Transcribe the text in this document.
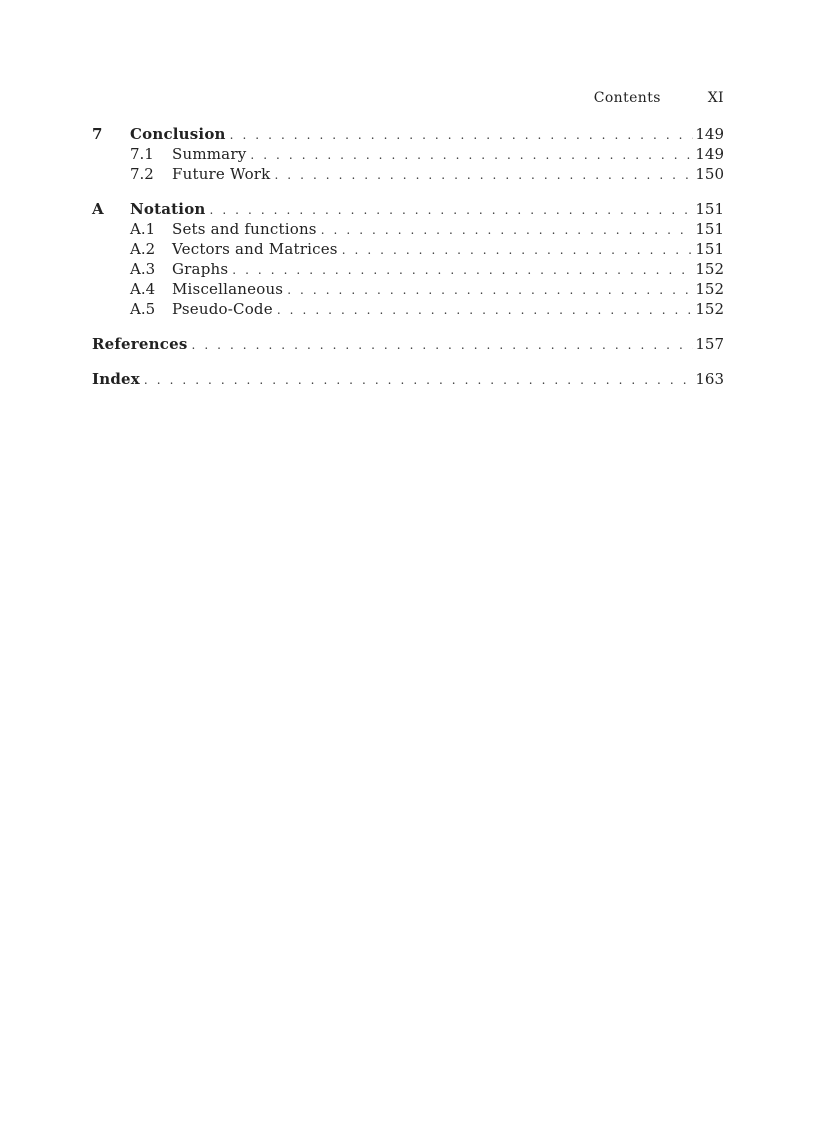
Contents	XI
7	Conclusion . . .	149
7.1	Summary . . .	149
7.2	Future Work . . .	150
A	Notation . . .	151
A.1	Sets and functions . . .	151
A.2	Vectors and Matrices . . .	151
A.3	Graphs . . .	152
A.4	Miscellaneous . . .	152
A.5	Pseudo-Code . . .	152
References . . .	157
Index . . .	163
